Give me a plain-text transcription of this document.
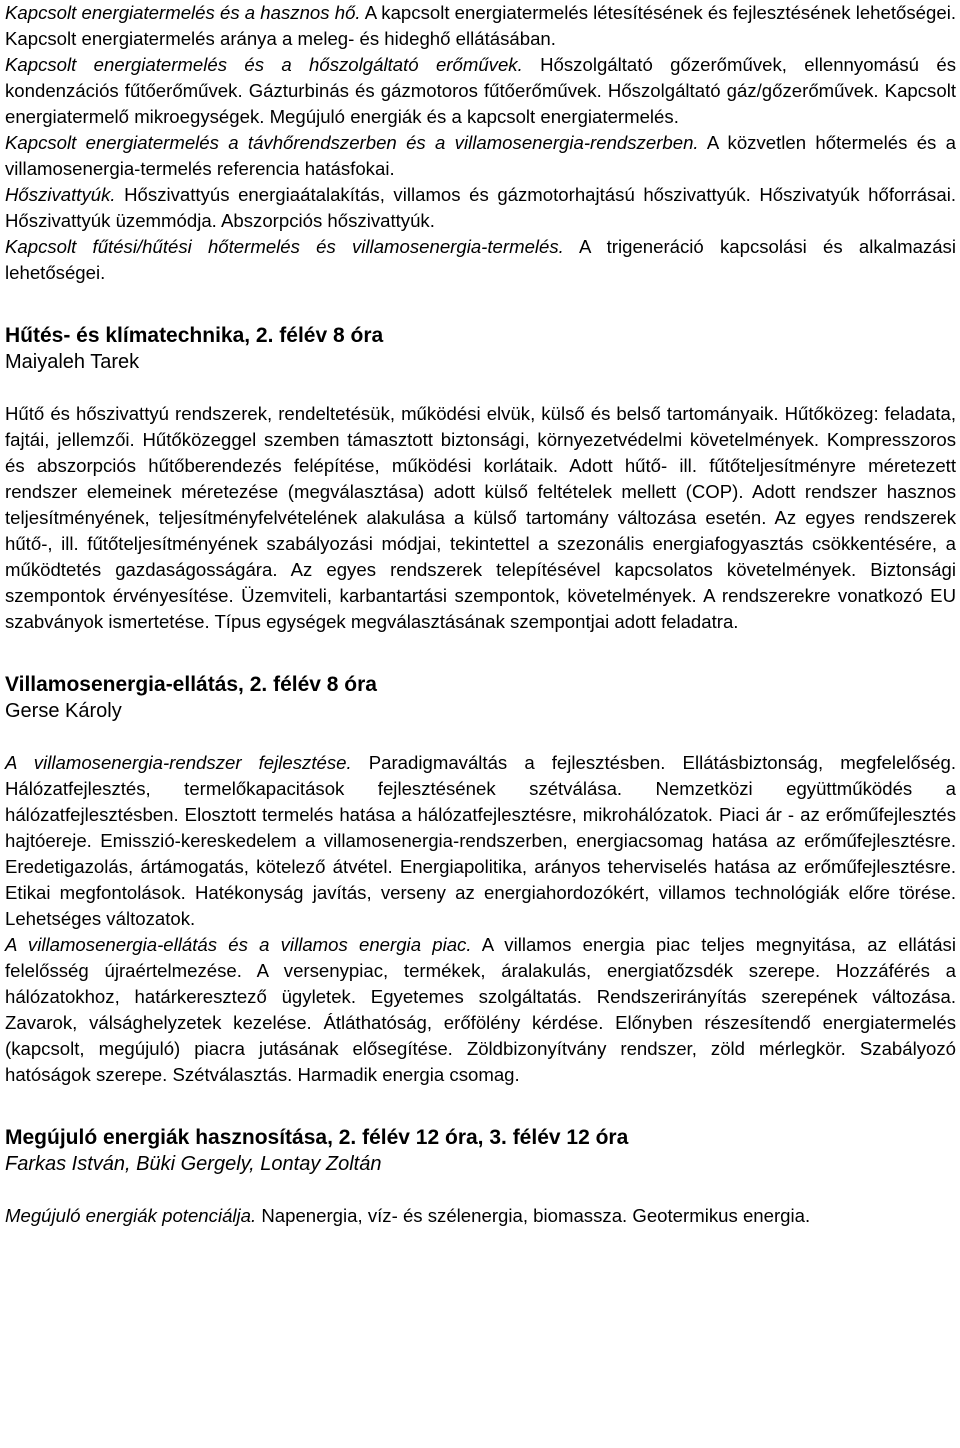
Kapcsolt energiatermelés és a hasznos hő. A kapcsolt energiatermelés létesítésének és fejlesztésének lehetőségei. Kapcsolt energiatermelés aránya a meleg- és hideghő ellátásában.

Kapcsolt energiatermelés és a hőszolgáltató erőművek. Hőszolgáltató gőzerőművek, ellennyomású és kondenzációs fűtőerőművek. Gázturbinás és gázmotoros fűtőerőművek. Hőszolgáltató gáz/gőzerőművek. Kapcsolt energiatermelő mikroegységek. Megújuló energiák és a kapcsolt energiatermelés.

Kapcsolt energiatermelés a távhőrendszerben és a villamosenergia-rendszerben. A közvetlen hőtermelés és a villamosenergia-termelés referencia hatásfokai.

Hőszivattyúk. Hőszivattyús energiaátalakítás, villamos és gázmotorhajtású hőszivattyúk. Hőszivatyúk hőforrásai. Hőszivattyúk üzemmódja. Abszorpciós hőszivattyúk.

Kapcsolt fűtési/hűtési hőtermelés és villamosenergia-termelés. A trigeneráció kapcsolási és alkalmazási lehetőségei.

Hűtés- és klímatechnika, 2. félév 8 óra

Maiyaleh Tarek

Hűtő és hőszivattyú rendszerek, rendeltetésük, működési elvük, külső és belső tartományaik. Hűtőközeg: feladata, fajtái, jellemzői. Hűtőközeggel szemben támasztott biztonsági, környezetvédelmi követelmények. Kompresszoros és abszorpciós hűtőberendezés felépítése, működési korlátaik. Adott hűtő- ill. fűtőteljesítményre méretezett rendszer elemeinek méretezése (megválasztása) adott külső feltételek mellett (COP). Adott rendszer hasznos teljesítményének, teljesítményfelvételének alakulása a külső tartomány változása esetén. Az egyes rendszerek hűtő-, ill. fűtőteljesítményének szabályozási módjai, tekintettel a szezonális energiafogyasztás csökkentésére, a működtetés gazdaságosságára. Az egyes rendszerek telepítésével kapcsolatos követelmények. Biztonsági szempontok érvényesítése. Üzemviteli, karbantartási szempontok, követelmények. A rendszerekre vonatkozó EU szabványok ismertetése. Típus egységek megválasztásának szempontjai adott feladatra.

Villamosenergia-ellátás, 2. félév 8 óra

Gerse Károly

A villamosenergia-rendszer fejlesztése. Paradigmaváltás a fejlesztésben. Ellátásbiztonság, megfelelőség. Hálózatfejlesztés, termelőkapacitások fejlesztésének szétválása. Nemzetközi együttműködés a hálózatfejlesztésben. Elosztott termelés hatása a hálózatfejlesztésre, mikrohálózatok. Piaci ár - az erőműfejlesztés hajtóereje. Emisszió-kereskedelem a villamosenergia-rendszerben, energiacsomag hatása az erőműfejlesztésre. Eredetigazolás, ártámogatás, kötelező átvétel. Energiapolitika, arányos teherviselés hatása az erőműfejlesztésre. Etikai megfontolások. Hatékonyság javítás, verseny az energiahordozókért, villamos technológiák előre törése. Lehetséges változatok.

A villamosenergia-ellátás és a villamos energia piac. A villamos energia piac teljes megnyitása, az ellátási felelősség újraértelmezése. A versenypiac, termékek, áralakulás, energiatőzsdék szerepe. Hozzáférés a hálózatokhoz, határkeresztező ügyletek. Egyetemes szolgáltatás. Rendszerirányítás szerepének változása. Zavarok, válsághelyzetek kezelése. Átláthatóság, erőfölény kérdése. Előnyben részesítendő energiatermelés (kapcsolt, megújuló) piacra jutásának elősegítése. Zöldbizonyítvány rendszer, zöld mérlegkör. Szabályozó hatóságok szerepe. Szétválasztás. Harmadik energia csomag.

Megújuló energiák hasznosítása, 2. félév 12 óra, 3. félév 12 óra

Farkas István, Büki Gergely, Lontay Zoltán

Megújuló energiák potenciálja. Napenergia, víz- és szélenergia, biomassza. Geotermikus energia.
